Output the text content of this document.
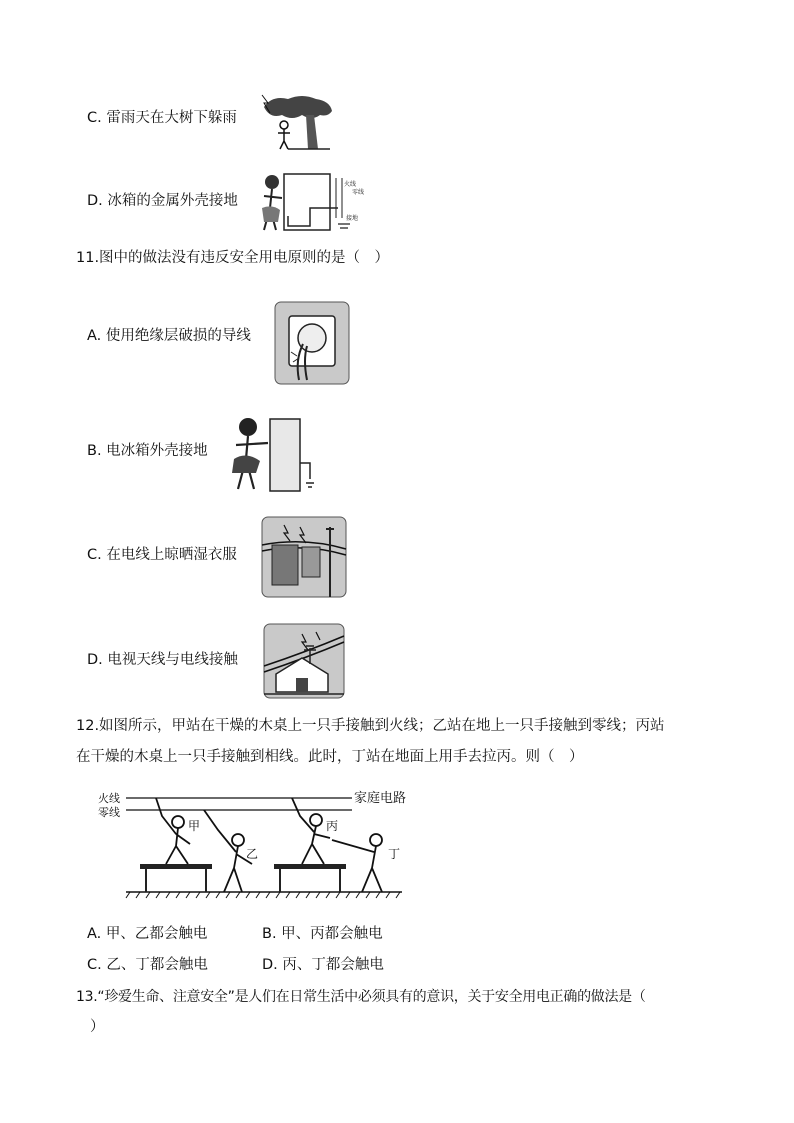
C. 雷雨天在大树下躲雨
D. 冰箱的金属外壳接地
火线
零线
接地
11.图中的做法没有违反安全用电原则的是（　）
A. 使用绝缘层破损的导线
B. 电冰箱外壳接地
C. 在电线上晾晒湿衣服
D. 电视天线与电线接触
12.如图所示，甲站在干燥的木桌上一只手接触到火线；乙站在地上一只手接触到零线；丙站
在干燥的木桌上一只手接触到相线。此时，丁站在地面上用手去拉丙。则（　）
火线
零线
家庭电路
甲
乙
丙
丁
A. 甲、乙都会触电	B. 甲、丙都会触电
C. 乙、丁都会触电	D. 丙、丁都会触电
13.“珍爱生命、注意安全”是人们在日常生活中必须具有的意识，关于安全用电正确的做法是（
）
